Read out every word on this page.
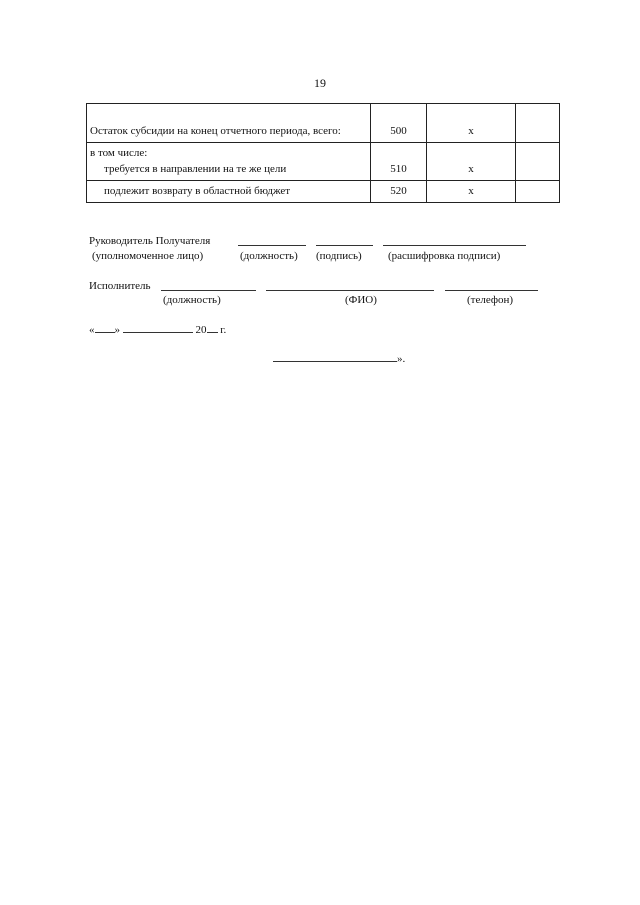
19
Остаток субсидии на конец отчетного периода, всего:	500	x	
в том числе:
требуется в направлении на те же цели	510	x	

подлежит возврату в областной бюджет	520	x	
Руководитель Получателя
(уполномоченное лицо)	(должность) (подпись) (расшифровка подписи)
Исполнитель
(должность)	(ФИО)	(телефон)
« »	20 г.
».
